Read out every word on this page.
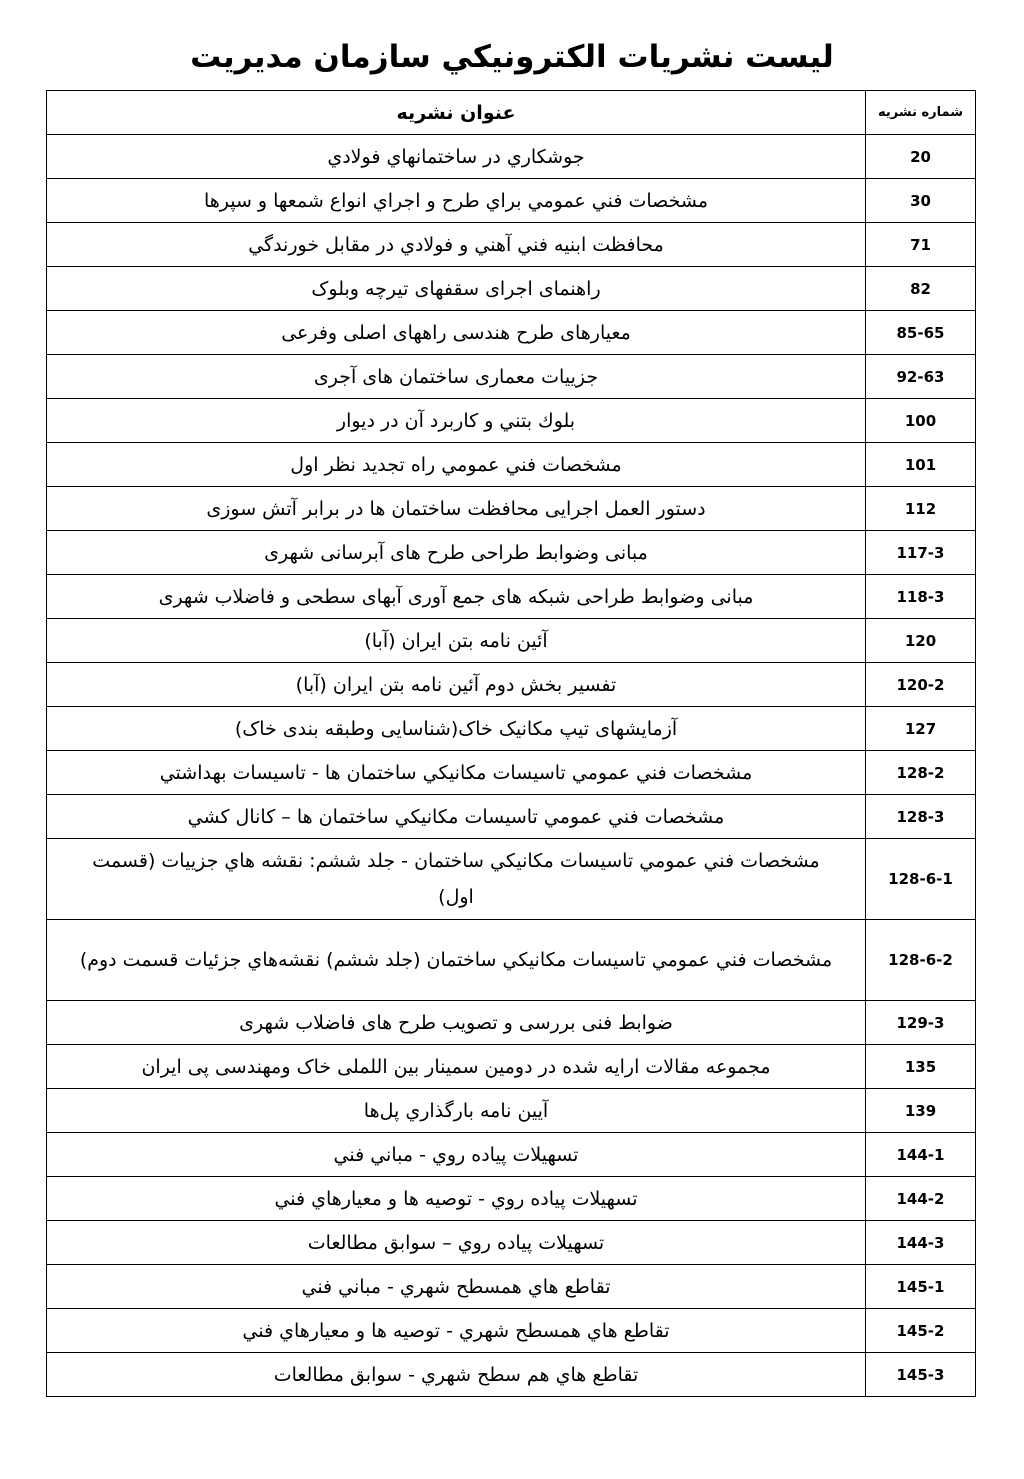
ليست نشريات الكترونيكي سازمان مديريت
عنوان نشريه	شماره نشريه
جوشكاري در ساختمانهاي فولادي	20
مشخصات فني عمومي براي طرح و اجراي انواع شمعها و سپرها	30
محافظت ابنيه فني آهني و فولادي در مقابل خورندگي	71
راهنمای اجرای سقفهای تیرچه وبلوک	82
معیارهای طرح هندسی راههای اصلی وفرعی	85-65
جزییات معماری ساختمان های آجری	92-63
بلوك بتني و كاربرد آن در ديوار	100
مشخصات فني عمومي راه تجديد نظر اول	101
دستور العمل اجرایی محافظت ساختمان ها در برابر آتش سوزی	112
مبانی وضوابط طراحی طرح های آبرسانی شهری	117-3
مبانی وضوابط طراحی شبکه های جمع آوری آبهای سطحی و فاضلاب شهری	118-3
آئین نامه بتن ایران (آبا)	120
تفسیر بخش دوم آئین نامه بتن ایران (آبا)	120-2
آزمایشهای تیپ مکانیک خاک(شناسایی وطبقه بندی خاک)	127
مشخصات فني عمومي تاسيسات مكانيكي ساختمان ها - تاسيسات بهداشتي	128-2
مشخصات فني عمومي تاسيسات مكانيكي ساختمان ها – كانال كشي	128-3
مشخصات فني عمومي تاسيسات مكانيكي ساختمان - جلد ششم: نقشه هاي جزييات (قسمت اول)	128-6-1
مشخصات فني عمومي تاسيسات مكانيكي ساختمان (جلد ششم) نقشه‌هاي جزئيات قسمت دوم)	128-6-2
ضوابط فنی بررسی و تصویب طرح های فاضلاب شهری	129-3
مجموعه مقالات ارایه شده در دومین سمینار بین اللملی خاک ومهندسی پی ایران	135
آيين نامه بارگذاري پل‌ها	139
تسهيلات پياده روي - مباني فني	144-1
تسهيلات پياده روي - توصيه ها و معيارهاي فني	144-2
تسهيلات پياده روي – سوابق مطالعات	144-3
تقاطع هاي همسطح شهري - مباني فني	145-1
تقاطع هاي همسطح شهري - توصيه ها و معيارهاي فني	145-2
تقاطع هاي هم سطح شهري - سوابق مطالعات	145-3
